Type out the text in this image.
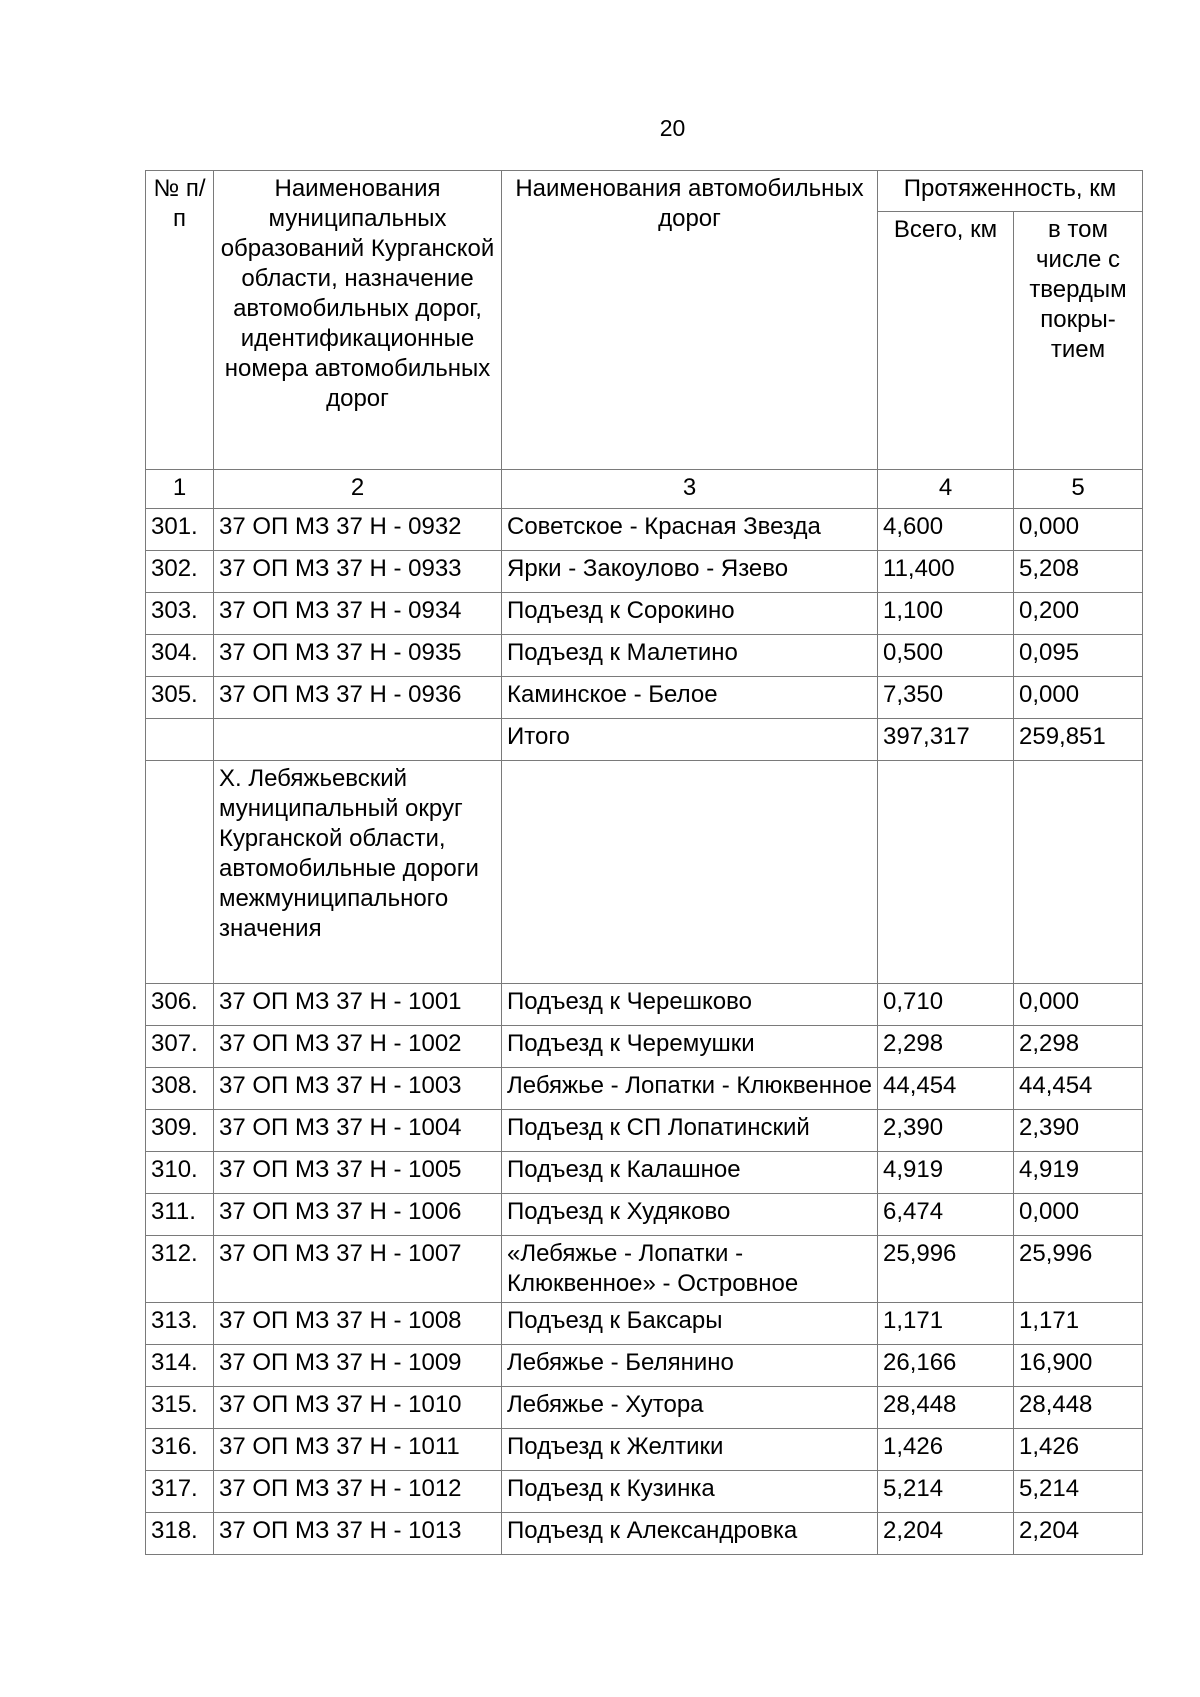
20
№ п/п	Наименования муниципальных образований Курганской области, назначение автомобильных дорог, идентификационные номера автомобильных дорог	Наименования автомобильных дорог	Протяженность, км	
			Всего, км	в том числе с твердым покры-тием
1	2	3	4	5
301.	37 ОП МЗ 37 Н - 0932	Советское - Красная Звезда	4,600	0,000
302.	37 ОП МЗ 37 Н - 0933	Ярки - Закоулово - Язево	11,400	5,208
303.	37 ОП МЗ 37 Н - 0934	Подъезд к Сорокино	1,100	0,200
304.	37 ОП МЗ 37 Н - 0935	Подъезд к Малетино	0,500	0,095
305.	37 ОП МЗ 37 Н - 0936	Каминское - Белое	7,350	0,000
		Итого	397,317	259,851
	X. Лебяжьевский муниципальный округ Курганской области, автомобильные дороги межмуниципального значения			
306.	37 ОП МЗ 37 Н - 1001	Подъезд к Черешково	0,710	0,000
307.	37 ОП МЗ 37 Н - 1002	Подъезд к Черемушки	2,298	2,298
308.	37 ОП МЗ 37 Н - 1003	Лебяжье - Лопатки - Клюквенное	44,454	44,454
309.	37 ОП МЗ 37 Н - 1004	Подъезд к СП Лопатинский	2,390	2,390
310.	37 ОП МЗ 37 Н - 1005	Подъезд к Калашное	4,919	4,919
311.	37 ОП МЗ 37 Н - 1006	Подъезд к Худяково	6,474	0,000
312.	37 ОП МЗ 37 Н - 1007	«Лебяжье - Лопатки - Клюквенное» - Островное	25,996	25,996
313.	37 ОП МЗ 37 Н - 1008	Подъезд к Баксары	1,171	1,171
314.	37 ОП МЗ 37 Н - 1009	Лебяжье - Белянино	26,166	16,900
315.	37 ОП МЗ 37 Н - 1010	Лебяжье - Хутора	28,448	28,448
316.	37 ОП МЗ 37 Н - 1011	Подъезд к Желтики	1,426	1,426
317.	37 ОП МЗ 37 Н - 1012	Подъезд к Кузинка	5,214	5,214
318.	37 ОП МЗ 37 Н - 1013	Подъезд к Александровка	2,204	2,204
